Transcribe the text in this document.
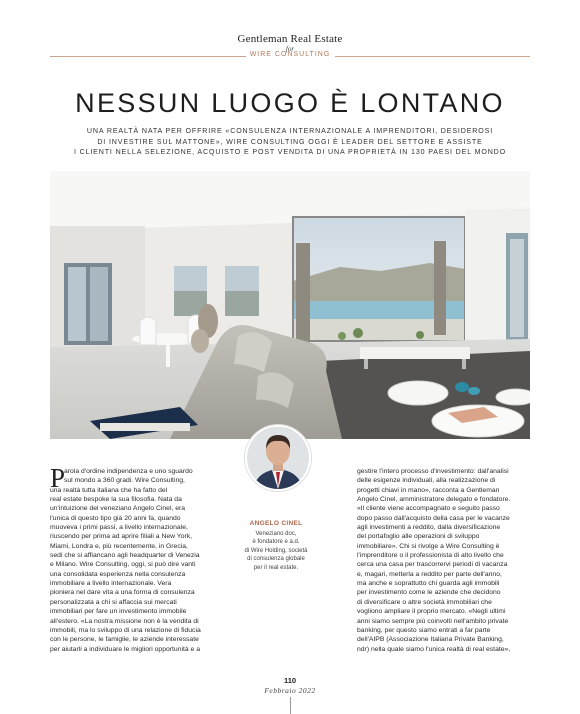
Gentleman Real Estate
for
WIRE CONSULTING
NESSUN LUOGO È LONTANO
UNA REALTÀ NATA PER OFFRIRE «CONSULENZA INTERNAZIONALE A IMPRENDITORI, DESIDEROSI
DI INVESTIRE SUL MATTONE», WIRE CONSULTING OGGI È LEADER DEL SETTORE E ASSISTE
I CLIENTI NELLA SELEZIONE, ACQUISTO E POST VENDITA DI UNA PROPRIETÀ IN 130 PAESI DEL MONDO
ANGELO CINEL
Veneziano doc,
è fondatore e a.d.
di Wire Holding, società
di consulenza globale
per il real estate.
P
arola d'ordine indipendenza e uno sguardo
sul mondo a 360 gradi. Wire Consulting,
una realtà tutta italiana che ha fatto del
real estate bespoke la sua filosofia. Nata da
un'intuizione del veneziano Angelo Cinel, era
l'unica di questo tipo già 20 anni fa, quando
muoveva i primi passi, a livello internazionale,
riuscendo per prima ad aprire filiali a New York,
Miami, Londra e, più recentemente, in Grecia,
sedi che si affiancano agli headquarter di Venezia
e Milano. Wire Consulting, oggi, si può dire vanti
una consolidata esperienza nella consulenza
immobiliare a livello internazionale. Vera
pioniera nel dare vita a una forma di consulenza
personalizzata a chi si affaccia sui mercati
immobiliari per fare un investimento immobile
all'estero. «La nostra missione non è la vendita di
immobili, ma lo sviluppo di una relazione di fiducia
con le persone, le famiglie, le aziende interessate
per aiutarli a individuare le migliori opportunità e a
gestire l'intero processo d'investimento: dall'analisi
delle esigenze individuali, alla realizzazione di
progetti chiavi in mano», racconta a Gentleman
Angelo Cinel, amministratore delegato e fondatore.
«Il cliente viene accompagnato e seguito passo
dopo passo dall'acquisto della casa per le vacanze
agli investimenti a reddito, dalla diversificazione
del portafoglio alle operazioni di sviluppo
immobiliare». Chi si rivolge a Wire Consulting è
l'imprenditore o il professionista di alto livello che
cerca una casa per trascorrervi periodi di vacanza
e, magari, metterla a reddito per parte dell'anno,
ma anche e soprattutto chi guarda agli immobili
per investimento come le aziende che decidono
di diversificare o altre società immobiliari che
vogliono ampliare il proprio mercato. «Negli ultimi
anni siamo sempre più coinvolti nell'ambito private
banking, per questo siamo entrati a far parte
dell'AIPB (Associazione Italiana Private Banking,
ndr) nella quale siamo l'unica realtà di real estate»,
110
Febbraio 2022
